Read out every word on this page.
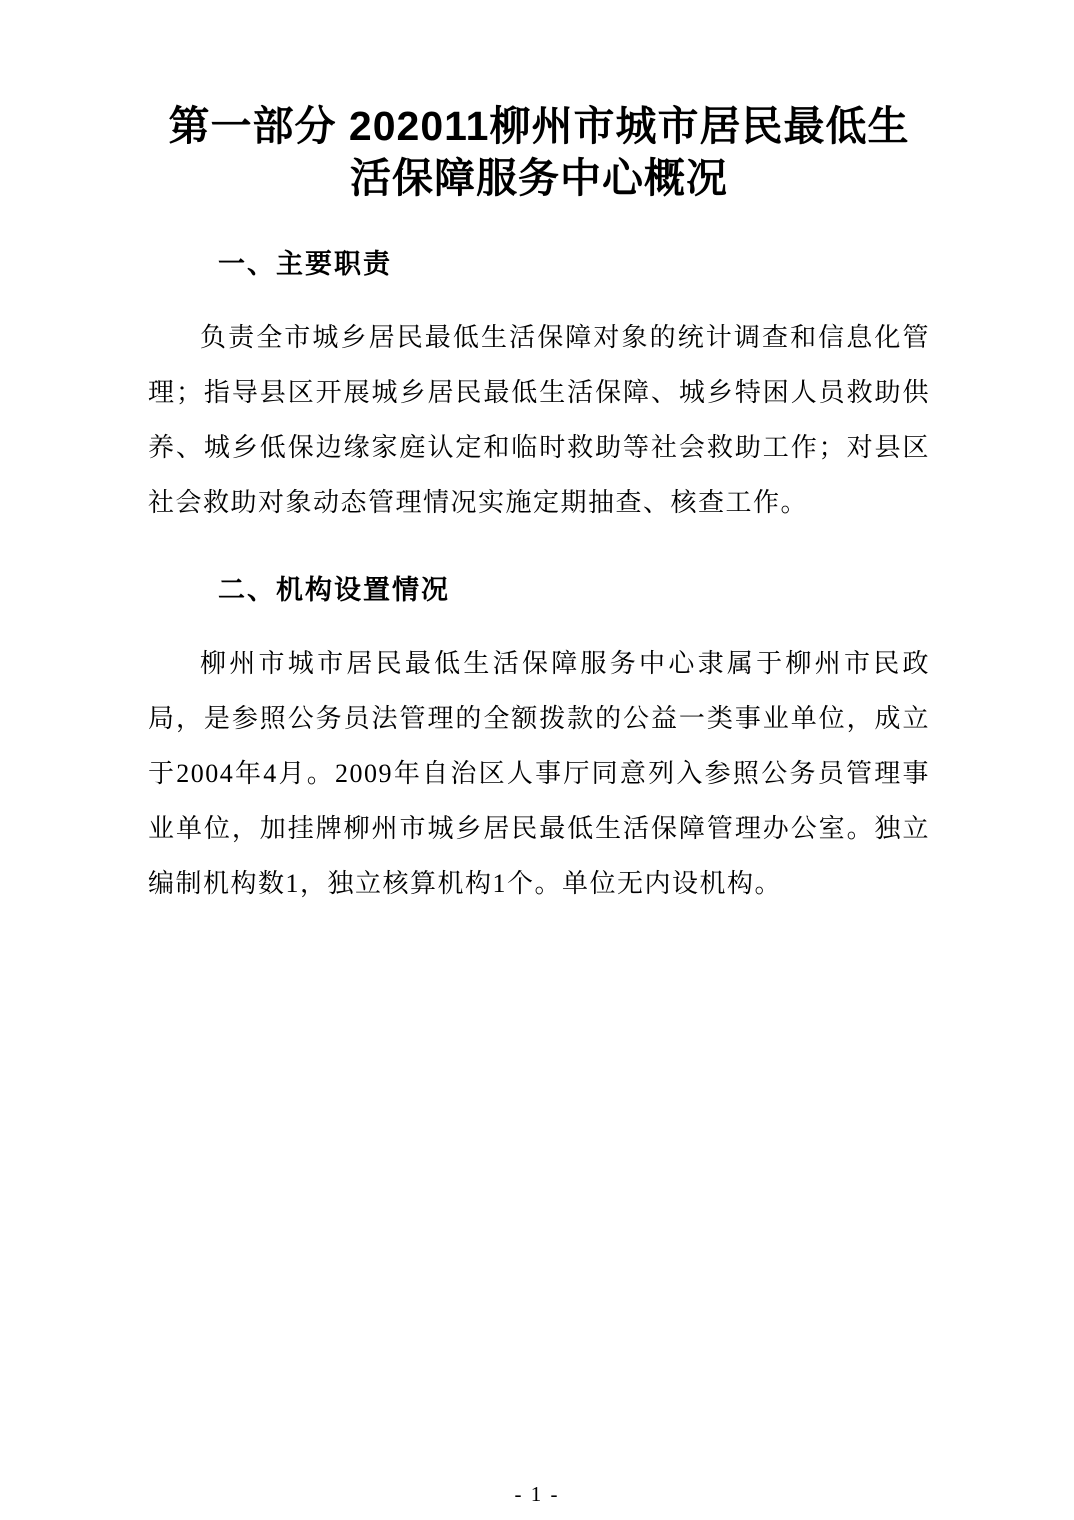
第一部分 202011柳州市城市居民最低生活保障服务中心概况
一、主要职责

负责全市城乡居民最低生活保障对象的统计调查和信息化管理；指导县区开展城乡居民最低生活保障、城乡特困人员救助供养、城乡低保边缘家庭认定和临时救助等社会救助工作；对县区社会救助对象动态管理情况实施定期抽查、核查工作。

二、机构设置情况

柳州市城市居民最低生活保障服务中心隶属于柳州市民政局，是参照公务员法管理的全额拨款的公益一类事业单位，成立于2004年4月。2009年自治区人事厅同意列入参照公务员管理事业单位，加挂牌柳州市城乡居民最低生活保障管理办公室。独立编制机构数1，独立核算机构1个。单位无内设机构。

- 1 -
